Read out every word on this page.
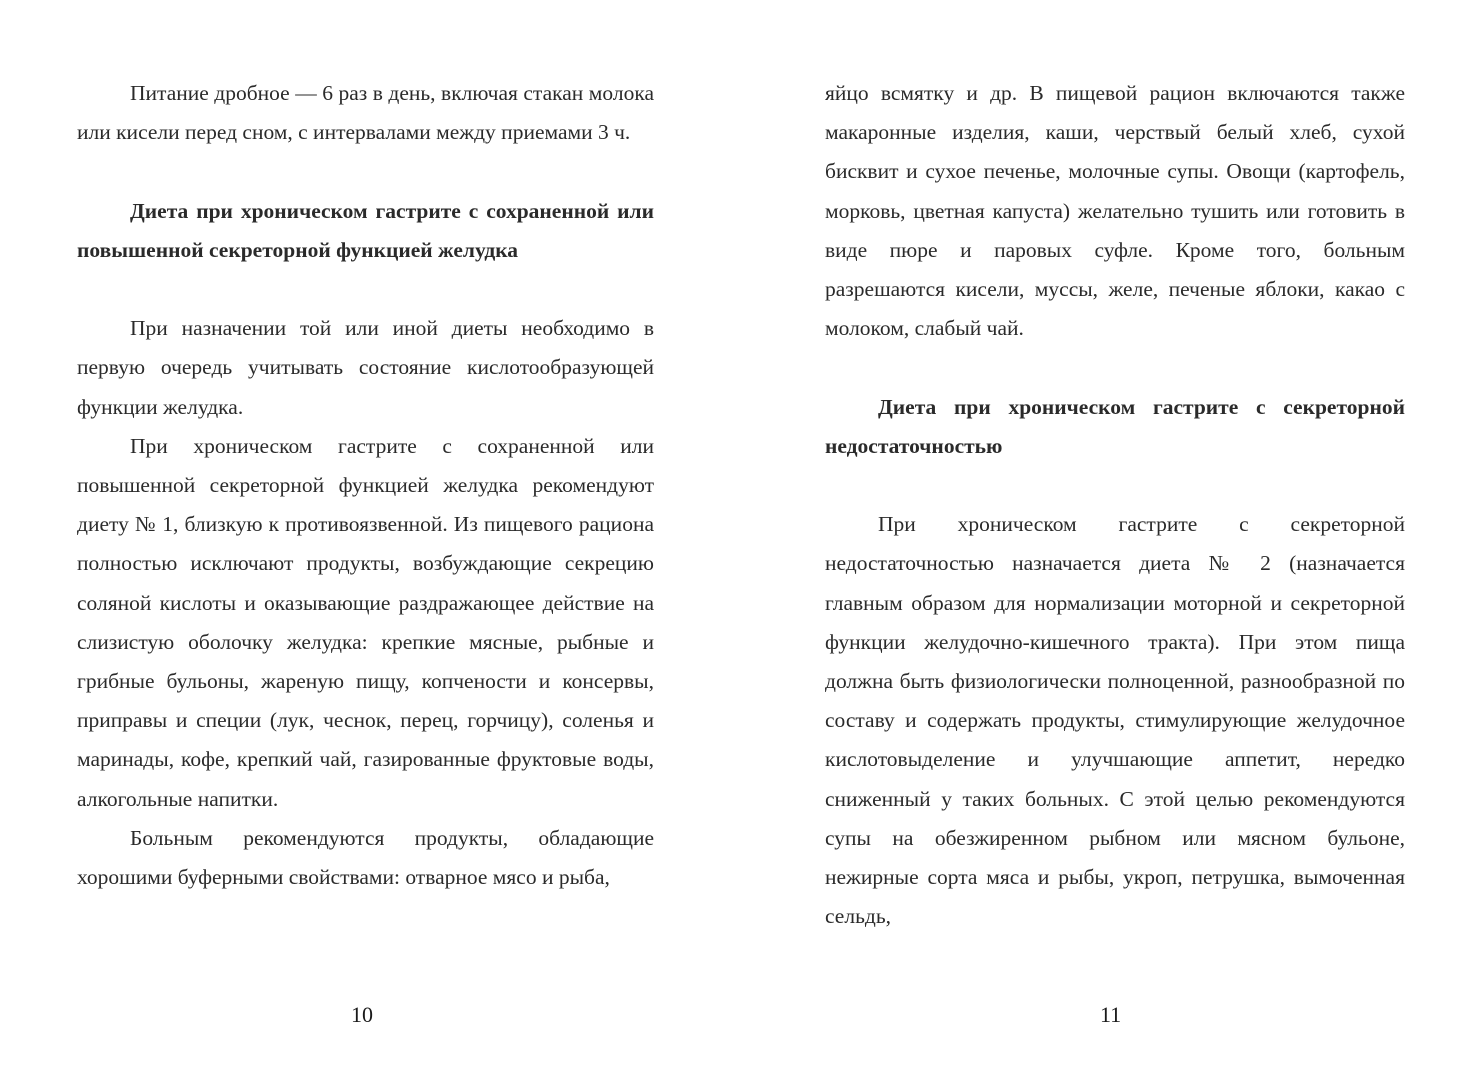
Питание дробное — 6 раз в день, включая стакан молока или кисели перед сном, с интервалами между приемами 3 ч.

Диета при хроническом гастрите с сохраненной или повышенной секреторной функцией желудка

При назначении той или иной диеты необходимо в первую очередь учитывать состояние кислотообразующей функции желудка.

При хроническом гастрите с сохраненной или повышенной секреторной функцией желудка рекомендуют диету № 1, близкую к противоязвенной. Из пищевого рациона полностью исключают продукты, возбуждающие секрецию соляной кислоты и оказывающие раздражающее действие на слизистую оболочку желудка: крепкие мясные, рыбные и грибные бульоны, жареную пищу, копчености и консервы, приправы и специи (лук, чеснок, перец, горчицу), соленья и маринады, кофе, крепкий чай, газированные фруктовые воды, алкогольные напитки.

Больным рекомендуются продукты, обладающие хорошими буферными свойствами: отварное мясо и рыба,

10

яйцо всмятку и др. В пищевой рацион включаются также макаронные изделия, каши, черствый белый хлеб, сухой бисквит и сухое печенье, молочные супы. Овощи (картофель, морковь, цветная капуста) желательно тушить или готовить в виде пюре и паровых суфле. Кроме того, больным разрешаются кисели, муссы, желе, печеные яблоки, какао с молоком, слабый чай.

Диета при хроническом гастрите с секреторной недостаточностью

При хроническом гастрите с секреторной недостаточностью назначается диета № 2 (назначается главным образом для нормализации моторной и секреторной функции желудочно-кишечного тракта). При этом пища должна быть физиологически полноценной, разнообразной по составу и содержать продукты, стимулирующие желудочное кислотовыделение и улучшающие аппетит, нередко сниженный у таких больных. С этой целью рекомендуются супы на обезжиренном рыбном или мясном бульоне, нежирные сорта мяса и рыбы, укроп, петрушка, вымоченная сельдь,

11
